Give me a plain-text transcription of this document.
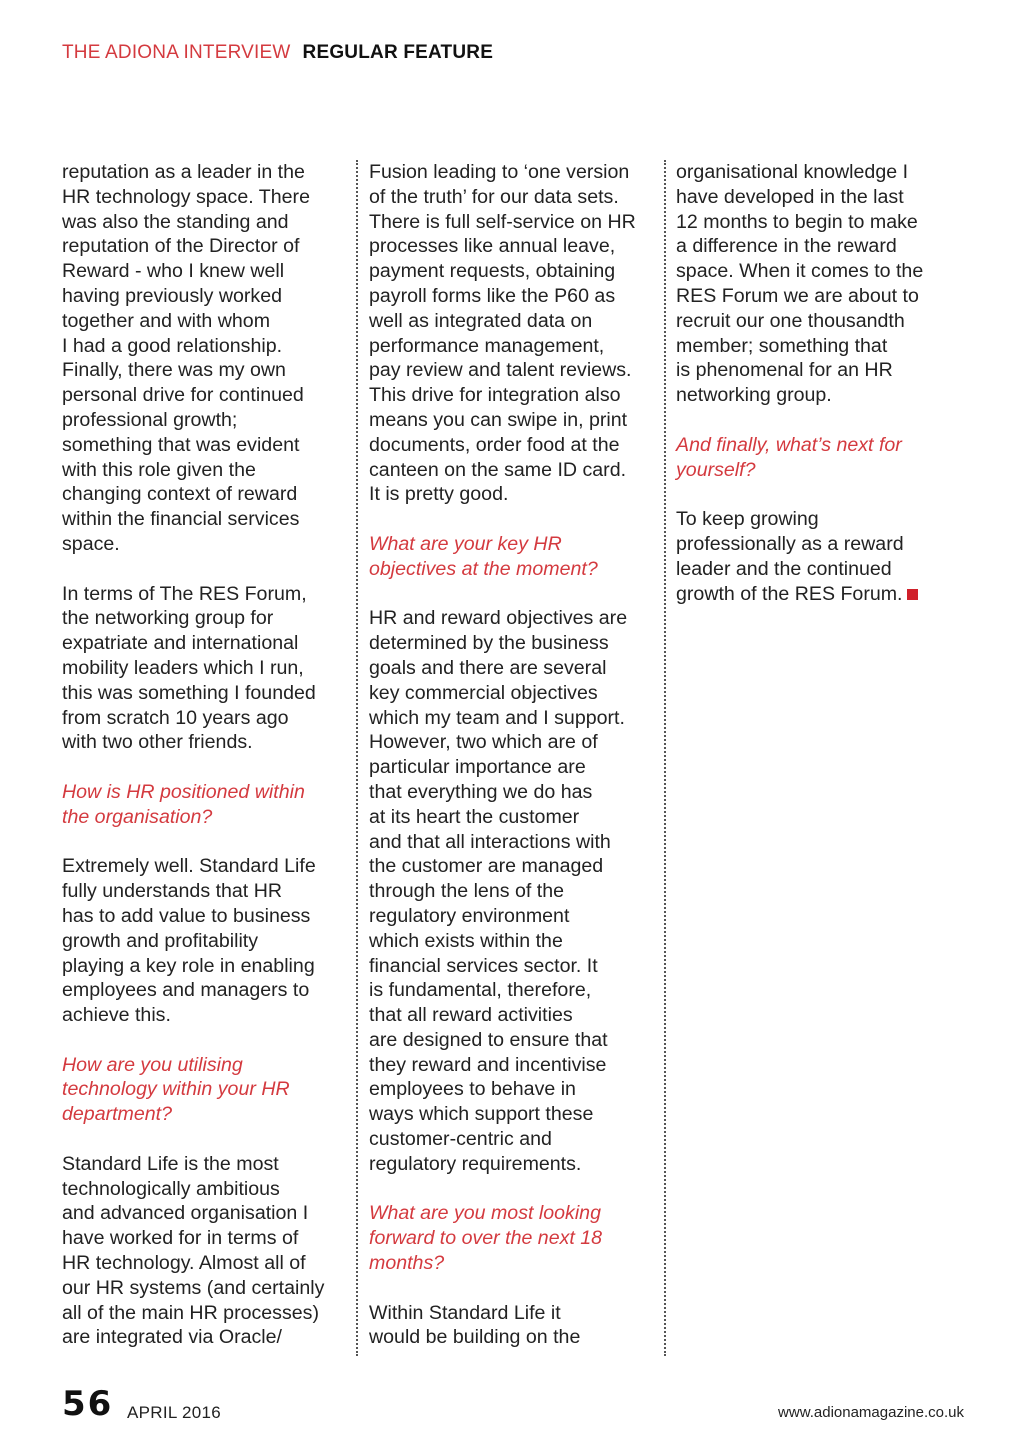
THE ADIONA INTERVIEW REGULAR FEATURE

reputation as a leader in the
HR technology space. There
was also the standing and
reputation of the Director of
Reward - who I knew well
having previously worked
together and with whom
I had a good relationship.
Finally, there was my own
personal drive for continued
professional growth;
something that was evident
with this role given the
changing context of reward
within the financial services
space.

In terms of The RES Forum,
the networking group for
expatriate and international
mobility leaders which I run,
this was something I founded
from scratch 10 years ago
with two other friends.

How is HR positioned within
the organisation?

Extremely well. Standard Life
fully understands that HR
has to add value to business
growth and profitability
playing a key role in enabling
employees and managers to
achieve this.

How are you utilising
technology within your HR
department?

Standard Life is the most
technologically ambitious
and advanced organisation I
have worked for in terms of
HR technology. Almost all of
our HR systems (and certainly
all of the main HR processes)
are integrated via Oracle/

Fusion leading to ‘one version
of the truth’ for our data sets.
There is full self-service on HR
processes like annual leave,
payment requests, obtaining
payroll forms like the P60 as
well as integrated data on
performance management,
pay review and talent reviews.
This drive for integration also
means you can swipe in, print
documents, order food at the
canteen on the same ID card.
It is pretty good.

What are your key HR
objectives at the moment?

HR and reward objectives are
determined by the business
goals and there are several
key commercial objectives
which my team and I support.
However, two which are of
particular importance are
that everything we do has
at its heart the customer
and that all interactions with
the customer are managed
through the lens of the
regulatory environment
which exists within the
financial services sector. It
is fundamental, therefore,
that all reward activities
are designed to ensure that
they reward and incentivise
employees to behave in
ways which support these
customer-centric and
regulatory requirements.

What are you most looking
forward to over the next 18
months?

Within Standard Life it
would be building on the

organisational knowledge I
have developed in the last
12 months to begin to make
a difference in the reward
space. When it comes to the
RES Forum we are about to
recruit our one thousandth
member; something that
is phenomenal for an HR
networking group.

And finally, what’s next for
yourself?

To keep growing
professionally as a reward
leader and the continued
growth of the RES Forum.

56 APRIL 2016	www.adionamagazine.co.uk
